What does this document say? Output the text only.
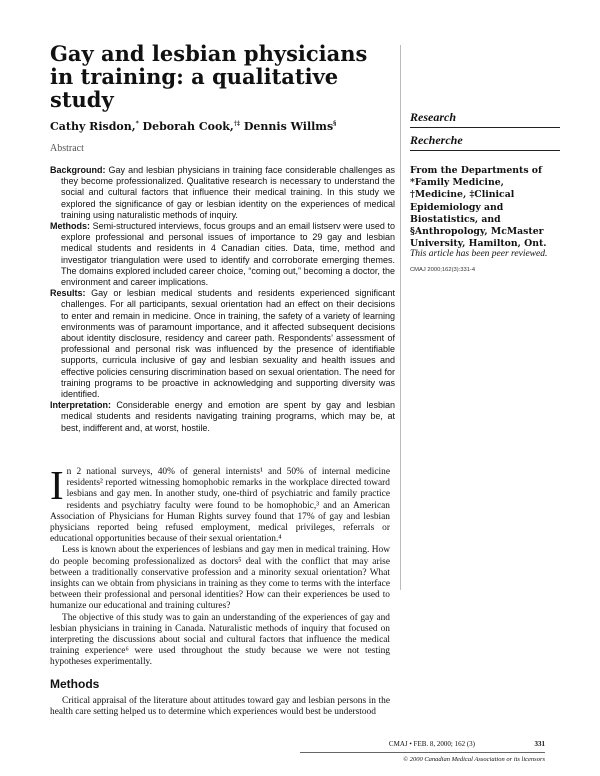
Gay and lesbian physicians in training: a qualitative study
Cathy Risdon,* Deborah Cook,†‡ Dennis Willms§
Abstract
Research
Recherche
From the Departments of *Family Medicine, †Medicine, ‡Clinical Epidemiology and Biostatistics, and §Anthropology, McMaster University, Hamilton, Ont.
This article has been peer reviewed.
CMAJ 2000;162(3):331-4

Background: Gay and lesbian physicians in training face considerable challenges as they become professionalized. Qualitative research is necessary to understand the social and cultural factors that influence their medical training. In this study we explored the significance of gay or lesbian identity on the experiences of medical training using naturalistic methods of inquiry.

Methods: Semi-structured interviews, focus groups and an email listserv were used to explore professional and personal issues of importance to 29 gay and lesbian medical students and residents in 4 Canadian cities. Data, time, method and investigator triangulation were used to identify and corroborate emerging themes. The domains explored included career choice, “coming out,” becoming a doctor, the environment and career implications.

Results: Gay or lesbian medical students and residents experienced significant challenges. For all participants, sexual orientation had an effect on their decisions to enter and remain in medicine. Once in training, the safety of a variety of learning environments was of paramount importance, and it affected subsequent decisions about identity disclosure, residency and career path. Respondents’ assessment of professional and personal risk was influenced by the presence of identifiable supports, curricula inclusive of gay and lesbian sexuality and health issues and effective policies censuring discrimination based on sexual orientation. The need for training programs to be proactive in acknowledging and supporting diversity was identified.

Interpretation: Considerable energy and emotion are spent by gay and lesbian medical students and residents navigating training programs, which may be, at best, indifferent and, at worst, hostile.

In 2 national surveys, 40% of general internists¹ and 50% of internal medicine residents² reported witnessing homophobic remarks in the workplace directed toward lesbians and gay men. In another study, one-third of psychiatric and family practice residents and psychiatry faculty were found to be homophobic,³ and an American Association of Physicians for Human Rights survey found that 17% of gay and lesbian physicians reported being refused employment, medical privileges, referrals or educational opportunities because of their sexual orientation.⁴

Less is known about the experiences of lesbians and gay men in medical training. How do people becoming professionalized as doctors⁵ deal with the conflict that may arise between a traditionally conservative profession and a minority sexual orientation? What insights can we obtain from physicians in training as they come to terms with the interface between their professional and personal identities? How can their experiences be used to humanize our educational and training cultures?

The objective of this study was to gain an understanding of the experiences of gay and lesbian physicians in training in Canada. Naturalistic methods of inquiry that focused on interpreting the discussions about social and cultural factors that influence the medical training experience⁶ were used throughout the study because we were not testing hypotheses experimentally.

Methods

Critical appraisal of the literature about attitudes toward gay and lesbian persons in the health care setting helped us to determine which experiences would best be understood

CMAJ • FEB. 8, 2000; 162 (3)	331
© 2000 Canadian Medical Association or its licensors
